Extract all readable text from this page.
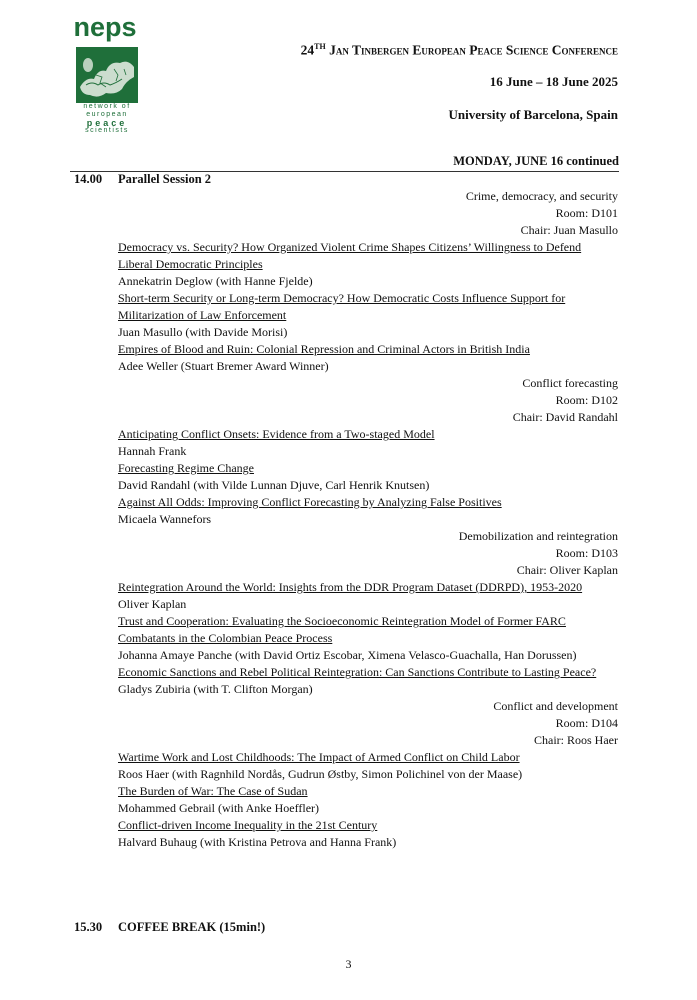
neps
network of
european
peace
scientists
24TH Jan Tinbergen European Peace Science Conference
16 June – 18 June 2025
University of Barcelona, Spain
MONDAY, JUNE 16 continued
14.00 Parallel Session 2
Crime, democracy, and security
Room: D101
Chair: Juan Masullo
Democracy vs. Security? How Organized Violent Crime Shapes Citizens’ Willingness to Defend Liberal Democratic Principles
Annekatrin Deglow (with Hanne Fjelde)
Short-term Security or Long-term Democracy? How Democratic Costs Influence Support for Militarization of Law Enforcement
Juan Masullo (with Davide Morisi)
Empires of Blood and Ruin: Colonial Repression and Criminal Actors in British India
Adee Weller (Stuart Bremer Award Winner)
Conflict forecasting
Room: D102
Chair: David Randahl
Anticipating Conflict Onsets: Evidence from a Two-staged Model
Hannah Frank
Forecasting Regime Change
David Randahl (with Vilde Lunnan Djuve, Carl Henrik Knutsen)
Against All Odds: Improving Conflict Forecasting by Analyzing False Positives
Micaela Wannefors
Demobilization and reintegration
Room: D103
Chair: Oliver Kaplan
Reintegration Around the World: Insights from the DDR Program Dataset (DDRPD), 1953-2020
Oliver Kaplan
Trust and Cooperation: Evaluating the Socioeconomic Reintegration Model of Former FARC Combatants in the Colombian Peace Process
Johanna Amaye Panche (with David Ortiz Escobar, Ximena Velasco-Guachalla, Han Dorussen)
Economic Sanctions and Rebel Political Reintegration: Can Sanctions Contribute to Lasting Peace?
Gladys Zubiria (with T. Clifton Morgan)
Conflict and development
Room: D104
Chair: Roos Haer
Wartime Work and Lost Childhoods: The Impact of Armed Conflict on Child Labor
Roos Haer (with Ragnhild Nordås, Gudrun Østby, Simon Polichinel von der Maase)
The Burden of War: The Case of Sudan
Mohammed Gebrail (with Anke Hoeffler)
Conflict-driven Income Inequality in the 21st Century
Halvard Buhaug (with Kristina Petrova and Hanna Frank)
15.30 COFFEE BREAK (15min!)
3
